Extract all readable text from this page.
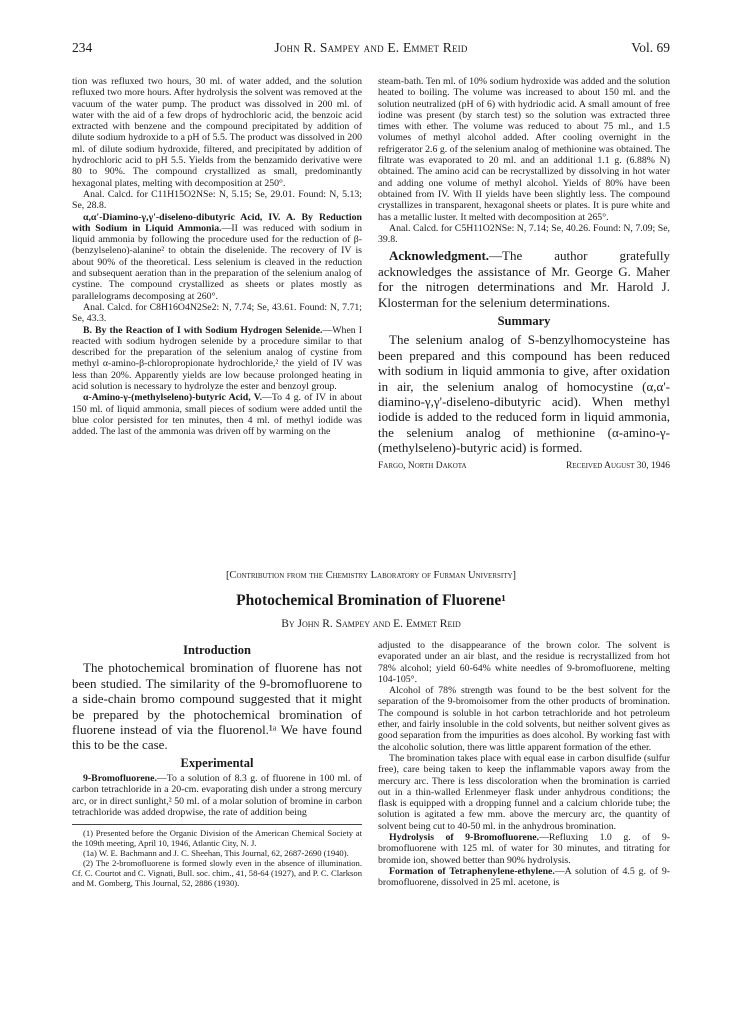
234	John R. Sampey and E. Emmet Reid	Vol. 69

tion was refluxed two hours, 30 ml. of water added, and the solution refluxed two more hours. After hydrolysis the solvent was removed at the vacuum of the water pump. The product was dissolved in 200 ml. of water with the aid of a few drops of hydrochloric acid, the benzoic acid extracted with benzene and the compound precipitated by addition of dilute sodium hydroxide to a pH of 5.5. The product was dissolved in 200 ml. of dilute sodium hydroxide, filtered, and precipitated by addition of hydrochloric acid to pH 5.5. Yields from the benzamido derivative were 80 to 90%. The compound crystallized as small, predominantly hexagonal plates, melting with decomposition at 250°.

Anal. Calcd. for C11H15O2NSe: N, 5.15; Se, 29.01. Found: N, 5.13; Se, 28.8.

α,α'-Diamino-γ,γ'-diseleno-dibutyric Acid, IV. A. By Reduction with Sodium in Liquid Ammonia.—II was reduced with sodium in liquid ammonia by following the procedure used for the reduction of β-(benzylseleno)-alanine² to obtain the diselenide. The recovery of IV is about 90% of the theoretical. Less selenium is cleaved in the reduction and subsequent aeration than in the preparation of the selenium analog of cystine. The compound crystallized as sheets or plates mostly as parallelograms decomposing at 260°.

Anal. Calcd. for C8H16O4N2Se2: N, 7.74; Se, 43.61. Found: N, 7.71; Se, 43.3.

B. By the Reaction of I with Sodium Hydrogen Selenide.—When I reacted with sodium hydrogen selenide by a procedure similar to that described for the preparation of the selenium analog of cystine from methyl α-amino-β-chloropropionate hydrochloride,² the yield of IV was less than 20%. Apparently yields are low because prolonged heating in acid solution is necessary to hydrolyze the ester and benzoyl group.

α-Amino-γ-(methylseleno)-butyric Acid, V.—To 4 g. of IV in about 150 ml. of liquid ammonia, small pieces of sodium were added until the blue color persisted for ten minutes, then 4 ml. of methyl iodide was added. The last of the ammonia was driven off by warming on the

steam-bath. Ten ml. of 10% sodium hydroxide was added and the solution heated to boiling. The volume was increased to about 150 ml. and the solution neutralized (pH of 6) with hydriodic acid. A small amount of free iodine was present (by starch test) so the solution was extracted three times with ether. The volume was reduced to about 75 ml., and 1.5 volumes of methyl alcohol added. After cooling overnight in the refrigerator 2.6 g. of the selenium analog of methionine was obtained. The filtrate was evaporated to 20 ml. and an additional 1.1 g. (6.88% N) obtained. The amino acid can be recrystallized by dissolving in hot water and adding one volume of methyl alcohol. Yields of 80% have been obtained from IV. With II yields have been slightly less. The compound crystallizes in transparent, hexagonal sheets or plates. It is pure white and has a metallic luster. It melted with decomposition at 265°.

Anal. Calcd. for C5H11O2NSe: N, 7.14; Se, 40.26. Found: N, 7.09; Se, 39.8.

Acknowledgment.—The author gratefully acknowledges the assistance of Mr. George G. Maher for the nitrogen determinations and Mr. Harold J. Klosterman for the selenium determinations.

Summary

The selenium analog of S-benzylhomocysteine has been prepared and this compound has been reduced with sodium in liquid ammonia to give, after oxidation in air, the selenium analog of homocystine (α,α'-diamino-γ,γ'-diseleno-dibutyric acid). When methyl iodide is added to the reduced form in liquid ammonia, the selenium analog of methionine (α-amino-γ-(methylseleno)-butyric acid) is formed.

Fargo, North Dakota	Received August 30, 1946

[Contribution from the Chemistry Laboratory of Furman University]
Photochemical Bromination of Fluorene¹
By John R. Sampey and E. Emmet Reid

Introduction

The photochemical bromination of fluorene has not been studied. The similarity of the 9-bromofluorene to a side-chain bromo compound suggested that it might be prepared by the photochemical bromination of fluorene instead of via the fluorenol.¹ᵃ We have found this to be the case.

Experimental

9-Bromofluorene.—To a solution of 8.3 g. of fluorene in 100 ml. of carbon tetrachloride in a 20-cm. evaporating dish under a strong mercury arc, or in direct sunlight,² 50 ml. of a molar solution of bromine in carbon tetrachloride was added dropwise, the rate of addition being

(1) Presented before the Organic Division of the American Chemical Society at the 109th meeting, April 10, 1946, Atlantic City, N. J.

(1a) W. E. Bachmann and J. C. Sheehan, This Journal, 62, 2687-2690 (1940).

(2) The 2-bromofluorene is formed slowly even in the absence of illumination. Cf. C. Courtot and C. Vignati, Bull. soc. chim., 41, 58-64 (1927), and P. C. Clarkson and M. Gomberg, This Journal, 52, 2886 (1930).

adjusted to the disappearance of the brown color. The solvent is evaporated under an air blast, and the residue is recrystallized from hot 78% alcohol; yield 60-64% white needles of 9-bromofluorene, melting 104-105°.

Alcohol of 78% strength was found to be the best solvent for the separation of the 9-bromoisomer from the other products of bromination. The compound is soluble in hot carbon tetrachloride and hot petroleum ether, and fairly insoluble in the cold solvents, but neither solvent gives as good separation from the impurities as does alcohol. By working fast with the alcoholic solution, there was little apparent formation of the ether.

The bromination takes place with equal ease in carbon disulfide (sulfur free), care being taken to keep the inflammable vapors away from the mercury arc. There is less discoloration when the bromination is carried out in a thin-walled Erlenmeyer flask under anhydrous conditions; the flask is equipped with a dropping funnel and a calcium chloride tube; the solution is agitated a few mm. above the mercury arc, the quantity of solvent being cut to 40-50 ml. in the anhydrous bromination.

Hydrolysis of 9-Bromofluorene.—Refluxing 1.0 g. of 9-bromofluorene with 125 ml. of water for 30 minutes, and titrating for bromide ion, showed better than 90% hydrolysis.

Formation of Tetraphenylene-ethylene.—A solution of 4.5 g. of 9-bromofluorene, dissolved in 25 ml. acetone, is
